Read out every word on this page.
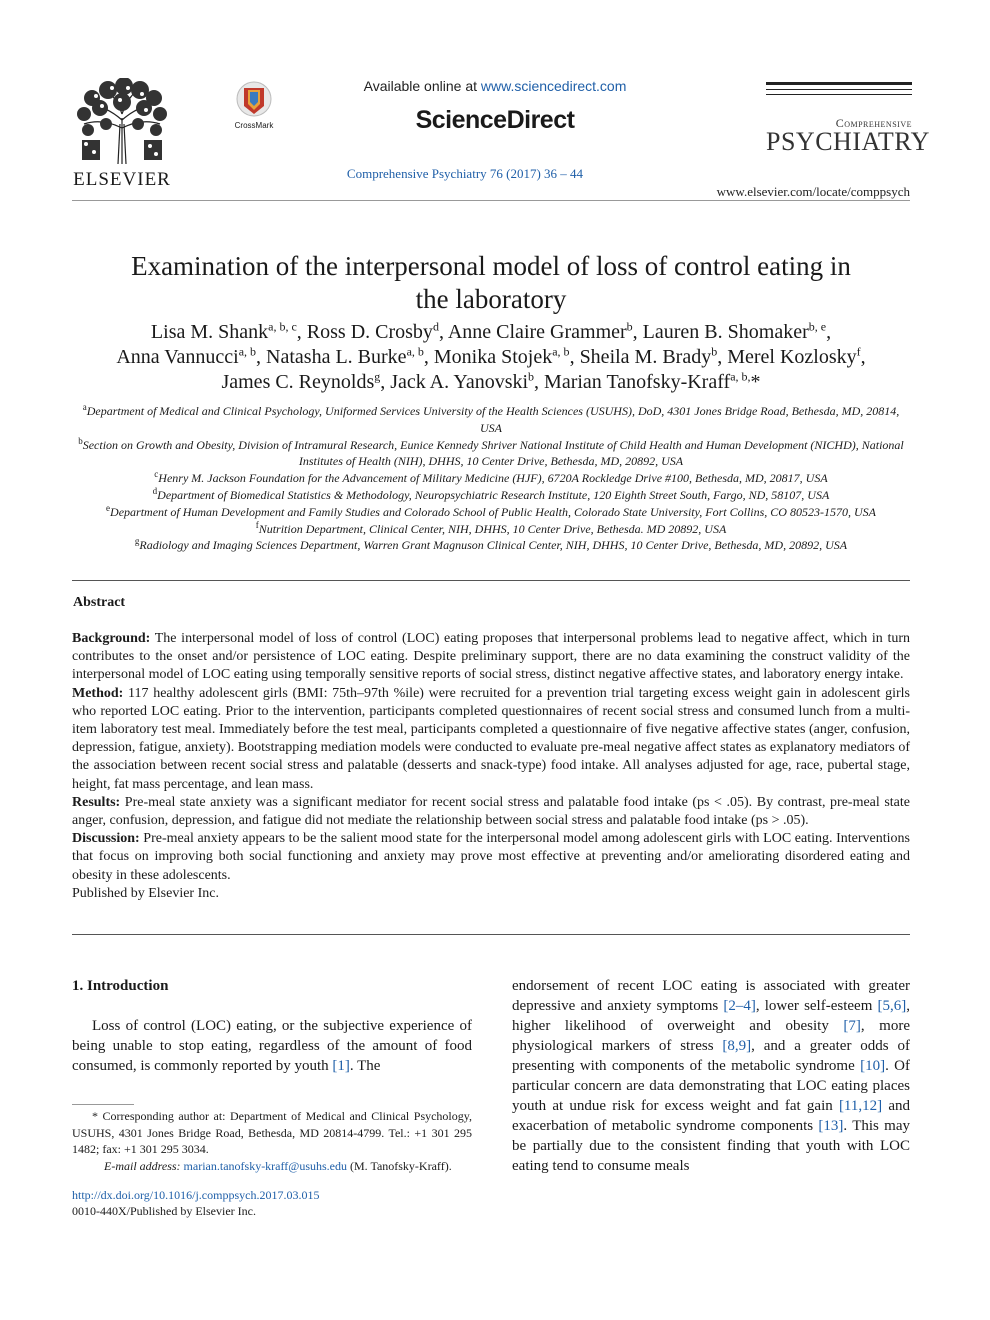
ELSEVIER
CrossMark
Available online at www.sciencedirect.com
ScienceDirect
Comprehensive Psychiatry 76 (2017) 36 – 44
Comprehensive
PSYCHIATRY
www.elsevier.com/locate/comppsych
Examination of the interpersonal model of loss of control eating in
the laboratory
Lisa M. Shank$^{a, b, c}$, Ross D. Crosby$^d$, Anne Claire Grammer$^b$, Lauren B. Shomaker$^{b, e}$,
Anna Vannucci$^{a, b}$, Natasha L. Burke$^{a, b}$, Monika Stojek$^{a, b}$, Sheila M. Brady$^b$, Merel Kozlosky$^f$,
James C. Reynolds$^g$, Jack A. Yanovski$^b$, Marian Tanofsky-Kraff$^{a, b,}$*
$^a$Department of Medical and Clinical Psychology, Uniformed Services University of the Health Sciences (USUHS), DoD, 4301 Jones Bridge Road, Bethesda, MD, 20814, USA
$^b$Section on Growth and Obesity, Division of Intramural Research, Eunice Kennedy Shriver National Institute of Child Health and Human Development (NICHD), National Institutes of Health (NIH), DHHS, 10 Center Drive, Bethesda, MD, 20892, USA
$^c$Henry M. Jackson Foundation for the Advancement of Military Medicine (HJF), 6720A Rockledge Drive #100, Bethesda, MD, 20817, USA
$^d$Department of Biomedical Statistics & Methodology, Neuropsychiatric Research Institute, 120 Eighth Street South, Fargo, ND, 58107, USA
$^e$Department of Human Development and Family Studies and Colorado School of Public Health, Colorado State University, Fort Collins, CO 80523-1570, USA
$^f$Nutrition Department, Clinical Center, NIH, DHHS, 10 Center Drive, Bethesda. MD 20892, USA
$^g$Radiology and Imaging Sciences Department, Warren Grant Magnuson Clinical Center, NIH, DHHS, 10 Center Drive, Bethesda, MD, 20892, USA
Abstract

Background: The interpersonal model of loss of control (LOC) eating proposes that interpersonal problems lead to negative affect, which in turn contributes to the onset and/or persistence of LOC eating. Despite preliminary support, there are no data examining the construct validity of the interpersonal model of LOC eating using temporally sensitive reports of social stress, distinct negative affective states, and laboratory energy intake.

Method: 117 healthy adolescent girls (BMI: 75th–97th %ile) were recruited for a prevention trial targeting excess weight gain in adolescent girls who reported LOC eating. Prior to the intervention, participants completed questionnaires of recent social stress and consumed lunch from a multi-item laboratory test meal. Immediately before the test meal, participants completed a questionnaire of five negative affective states (anger, confusion, depression, fatigue, anxiety). Bootstrapping mediation models were conducted to evaluate pre-meal negative affect states as explanatory mediators of the association between recent social stress and palatable (desserts and snack-type) food intake. All analyses adjusted for age, race, pubertal stage, height, fat mass percentage, and lean mass.

Results: Pre-meal state anxiety was a significant mediator for recent social stress and palatable food intake (ps < .05). By contrast, pre-meal state anger, confusion, depression, and fatigue did not mediate the relationship between social stress and palatable food intake (ps > .05).

Discussion: Pre-meal anxiety appears to be the salient mood state for the interpersonal model among adolescent girls with LOC eating. Interventions that focus on improving both social functioning and anxiety may prove most effective at preventing and/or ameliorating disordered eating and obesity in these adolescents.

Published by Elsevier Inc.

1. Introduction

Loss of control (LOC) eating, or the subjective experience of being unable to stop eating, regardless of the amount of food consumed, is commonly reported by youth [1]. The

endorsement of recent LOC eating is associated with greater depressive and anxiety symptoms [2–4], lower self-esteem [5,6], higher likelihood of overweight and obesity [7], more physiological markers of stress [8,9], and a greater odds of presenting with components of the metabolic syndrome [10]. Of particular concern are data demonstrating that LOC eating places youth at undue risk for excess weight and fat gain [11,12] and exacerbation of metabolic syndrome components [13]. This may be partially due to the consistent finding that youth with LOC eating tend to consume meals

* Corresponding author at: Department of Medical and Clinical Psychology, USUHS, 4301 Jones Bridge Road, Bethesda, MD 20814-4799. Tel.: +1 301 295 1482; fax: +1 301 295 3034.

E-mail address: marian.tanofsky-kraff@usuhs.edu (M. Tanofsky-Kraff).

http://dx.doi.org/10.1016/j.comppsych.2017.03.015
0010-440X/Published by Elsevier Inc.
